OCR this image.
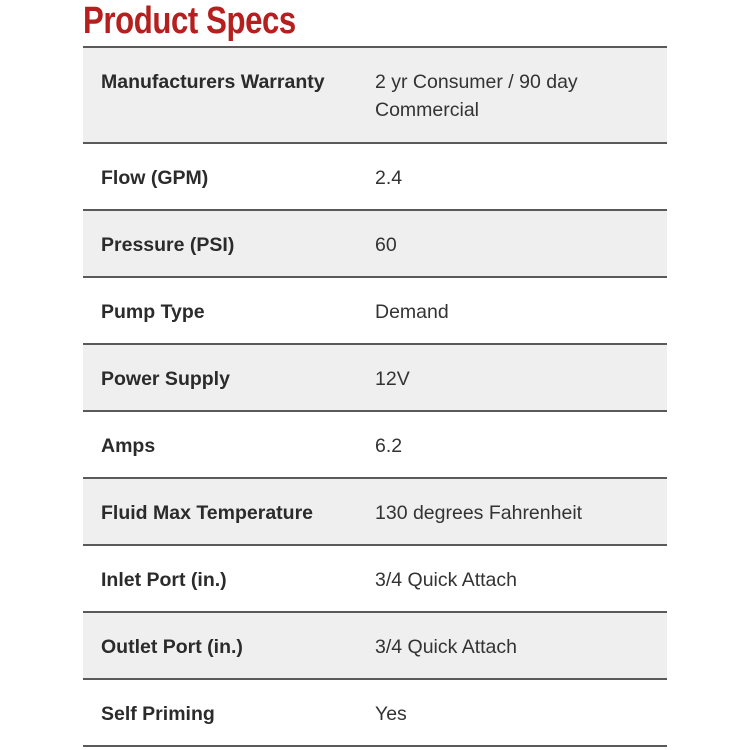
Product Specs
Manufacturers Warranty	2 yr Consumer / 90 day Commercial
Flow (GPM)	2.4
Pressure (PSI)	60
Pump Type	Demand
Power Supply	12V
Amps	6.2
Fluid Max Temperature	130 degrees Fahrenheit
Inlet Port (in.)	3/4 Quick Attach
Outlet Port (in.)	3/4 Quick Attach
Self Priming	Yes
